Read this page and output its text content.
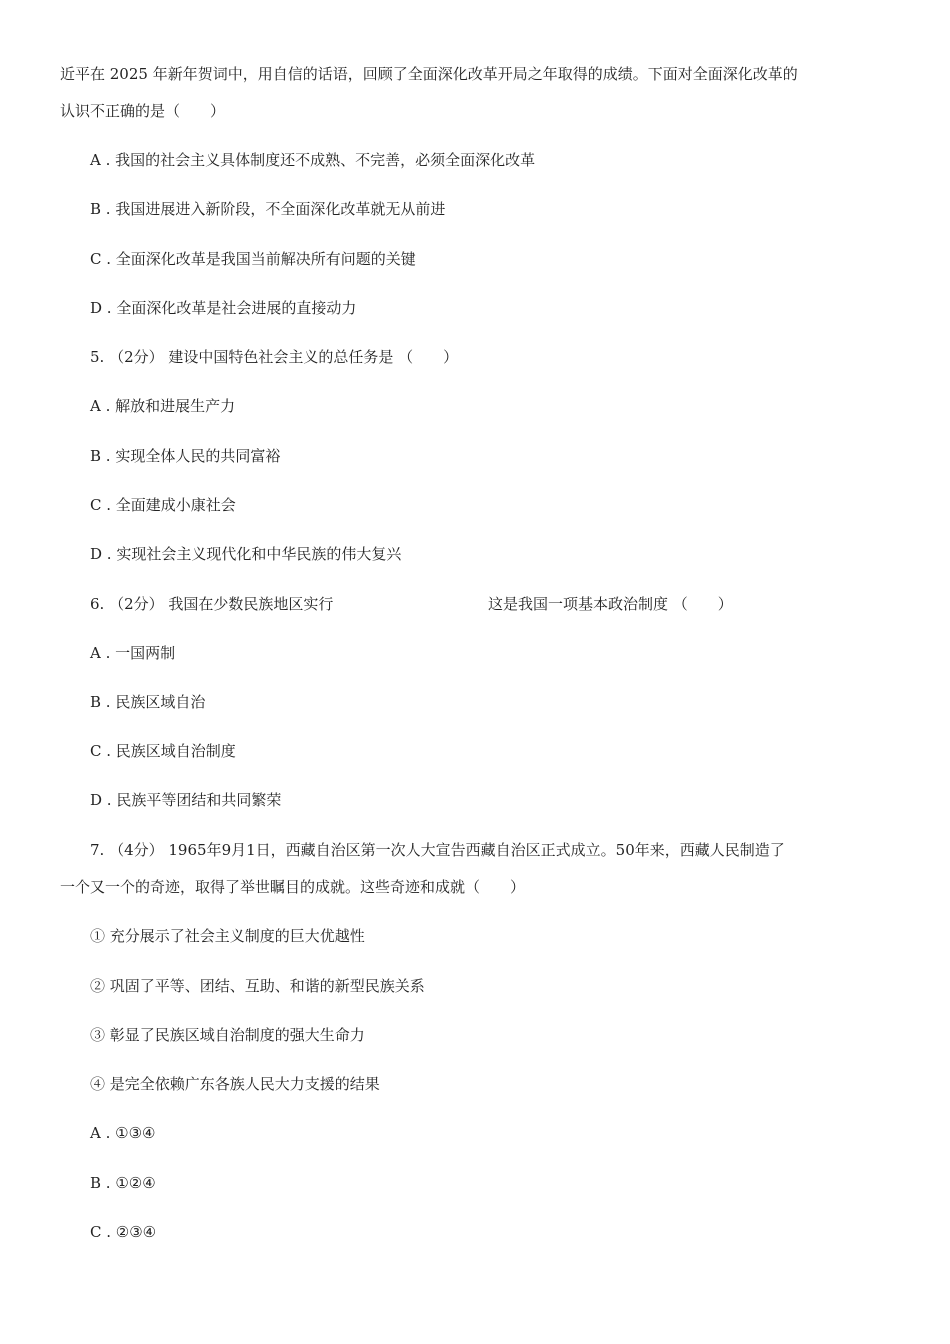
近平在 2025 年新年贺词中，用自信的话语，回顾了全面深化改革开局之年取得的成绩。下面对全面深化改革的
认识不正确的是（　　）
A . 我国的社会主义具体制度还不成熟、不完善，必须全面深化改革
B . 我国进展进入新阶段，不全面深化改革就无从前进
C . 全面深化改革是我国当前解决所有问题的关键
D . 全面深化改革是社会进展的直接动力
5. （2分） 建设中国特色社会主义的总任务是 （　　）
A . 解放和进展生产力
B . 实现全体人民的共同富裕
C . 全面建成小康社会
D . 实现社会主义现代化和中华民族的伟大复兴
6. （2分） 我国在少数民族地区实行	这是我国一项基本政治制度 （　　）
A . 一国两制
B . 民族区域自治
C . 民族区域自治制度
D . 民族平等团结和共同繁荣
7. （4分） 1965年9月1日，西藏自治区第一次人大宣告西藏自治区正式成立。50年来，西藏人民制造了
一个又一个的奇迹，取得了举世瞩目的成就。这些奇迹和成就（　　）
① 充分展示了社会主义制度的巨大优越性
② 巩固了平等、团结、互助、和谐的新型民族关系
③ 彰显了民族区域自治制度的强大生命力
④ 是完全依赖广东各族人民大力支援的结果
A . ①③④
B . ①②④
C . ②③④
